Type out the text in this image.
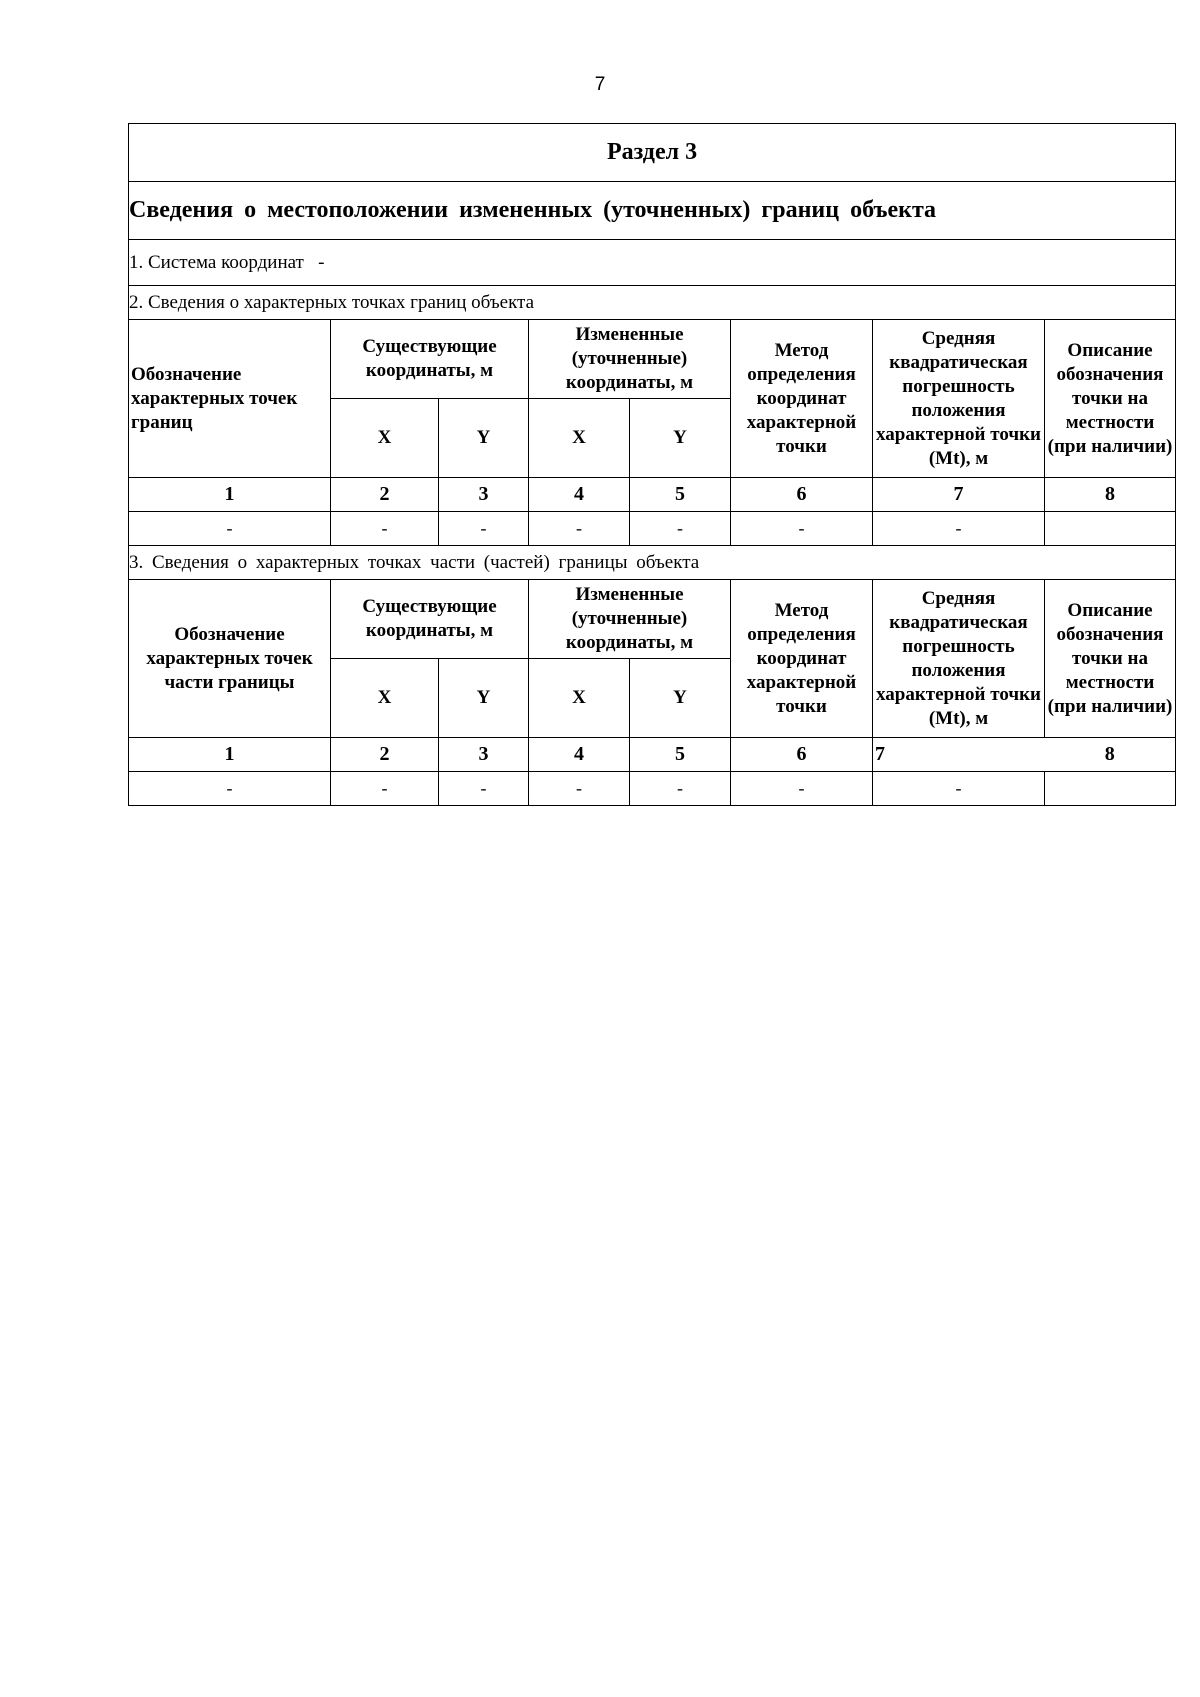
7
Раздел 3							
Сведения о местоположении измененных (уточненных) границ объекта							
1. Система координат   -							
2. Сведения о характерных точках границ объекта							
Обозначение характерных точек границ	Существующие координаты, м		Измененные (уточненные) координаты, м		Метод определения координат характерной точки	Средняя квадратическая погрешность положения характерной точки (Mt), м	Описание обозначения точки на местности (при наличии)
	X	Y	X	Y			
1	2	3	4	5	6	7	8
-	-	-	-	-	-	-	
3. Сведения о характерных точках части (частей) границы объекта							
Обозначение характерных точек части границы	Существующие координаты, м		Измененные (уточненные) координаты, м		Метод определения координат характерной точки	Средняя квадратическая погрешность положения характерной точки (Mt), м	Описание обозначения точки на местности (при наличии)
	X	Y	X	Y			
1	2	3	4	5	6	7	8
-	-	-	-	-	-	-	
